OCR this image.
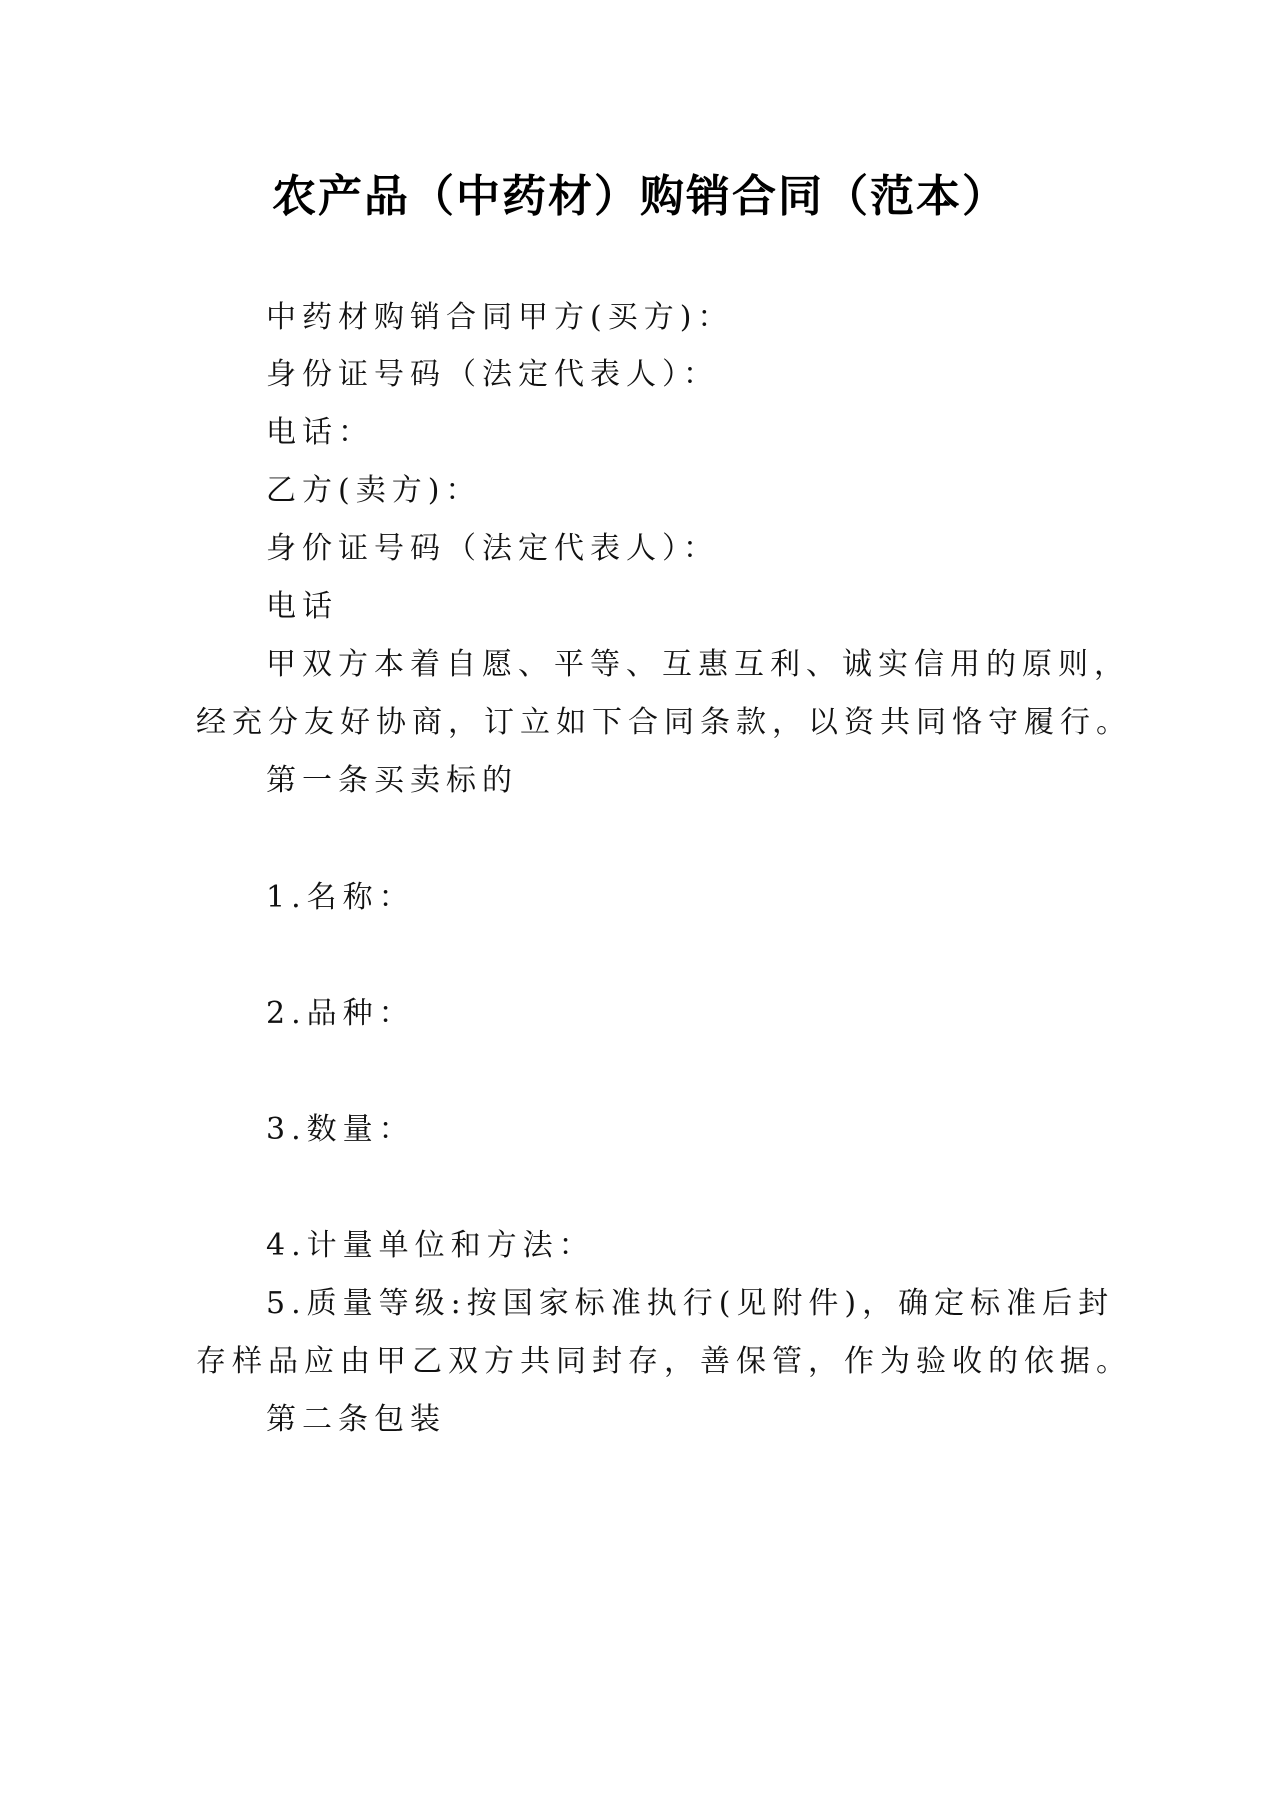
农产品（中药材）购销合同（范本）
中药材购销合同甲方(买方)：
身份证号码（法定代表人）：
电话：
乙方(卖方)：
身价证号码（法定代表人）：
电话
甲双方本着自愿、平等、互惠互利、诚实信用的原则，
经充分友好协商，订立如下合同条款，以资共同恪守履行。
第一条买卖标的
1.名称：
2.品种：
3.数量：
4.计量单位和方法：
5.质量等级:按国家标准执行(见附件)，确定标准后封
存样品应由甲乙双方共同封存，善保管，作为验收的依据。
第二条包装
